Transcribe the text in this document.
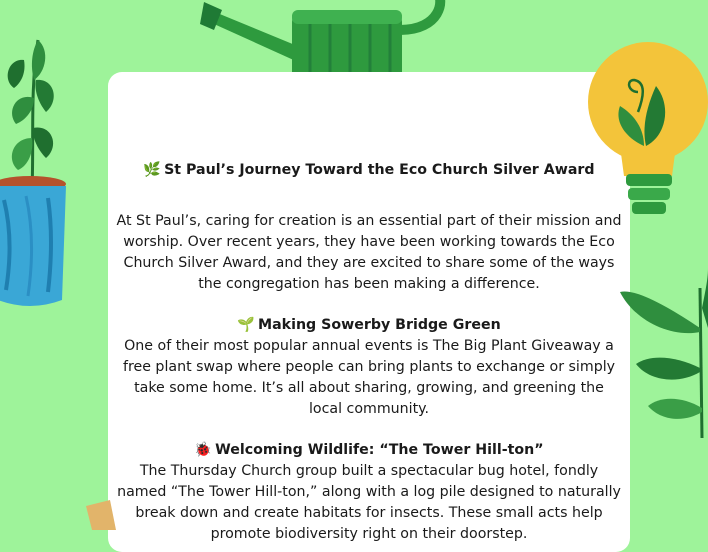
🌿 St Paul’s Journey Toward the Eco Church Silver Award

At St Paul’s, caring for creation is an essential part of their mission and worship. Over recent years, they have been working towards the Eco Church Silver Award, and they are excited to share some of the ways the congregation has been making a difference.

🌱 Making Sowerby Bridge Green

One of their most popular annual events is The Big Plant Giveaway a free plant swap where people can bring plants to exchange or simply take some home. It’s all about sharing, growing, and greening the local community.

🐞 Welcoming Wildlife: “The Tower Hill-ton”

The Thursday Church group built a spectacular bug hotel, fondly named “The Tower Hill-ton,” along with a log pile designed to naturally break down and create habitats for insects. These small acts help promote biodiversity right on their doorstep.
